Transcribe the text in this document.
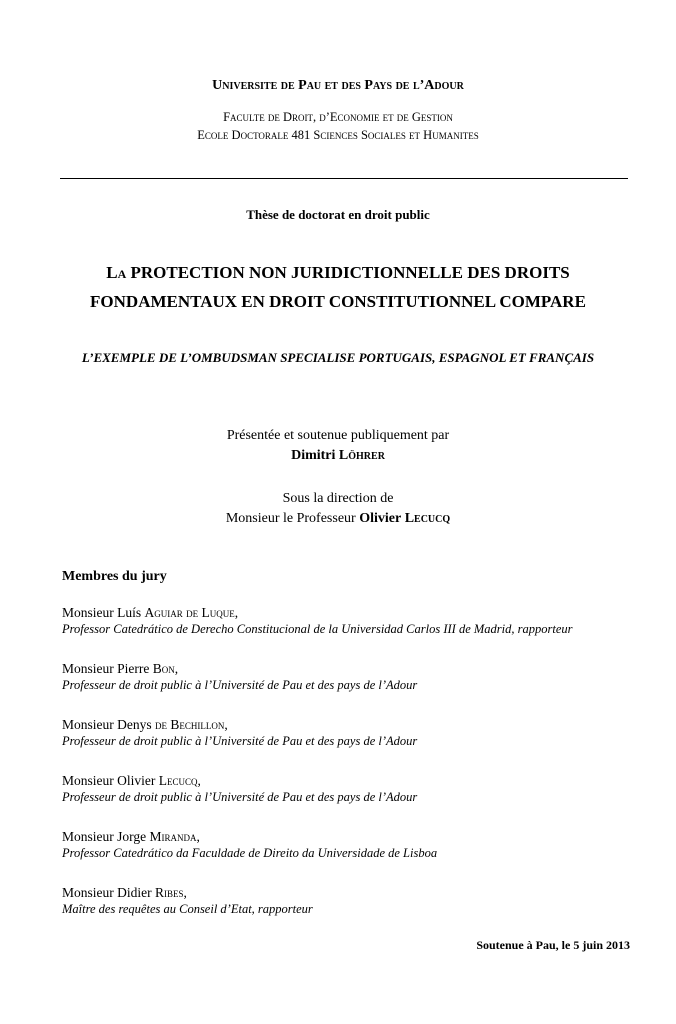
Universite de Pau et des Pays de l’Adour
Faculte de Droit, d’Economie et de Gestion
Ecole Doctorale 481 Sciences Sociales et Humanites
Thèse de doctorat en droit public
La PROTECTION NON JURIDICTIONNELLE DES DROITS
FONDAMENTAUX EN DROIT CONSTITUTIONNEL COMPARE
L’EXEMPLE DE L’OMBUDSMAN SPECIALISE PORTUGAIS, ESPAGNOL ET FRANÇAIS
Présentée et soutenue publiquement par
Dimitri Löhrer
Sous la direction de
Monsieur le Professeur Olivier Lecucq
Membres du jury
Monsieur Luís Aguiar de Luque,
Professor Catedrático de Derecho Constitucional de la Universidad Carlos III de Madrid, rapporteur
Monsieur Pierre Bon,
Professeur de droit public à l’Université de Pau et des pays de l’Adour
Monsieur Denys de Bechillon,
Professeur de droit public à l’Université de Pau et des pays de l’Adour
Monsieur Olivier Lecucq,
Professeur de droit public à l’Université de Pau et des pays de l’Adour
Monsieur Jorge Miranda,
Professor Catedrático da Faculdade de Direito da Universidade de Lisboa
Monsieur Didier Ribes,
Maître des requêtes au Conseil d’Etat, rapporteur
Soutenue à Pau, le 5 juin 2013
